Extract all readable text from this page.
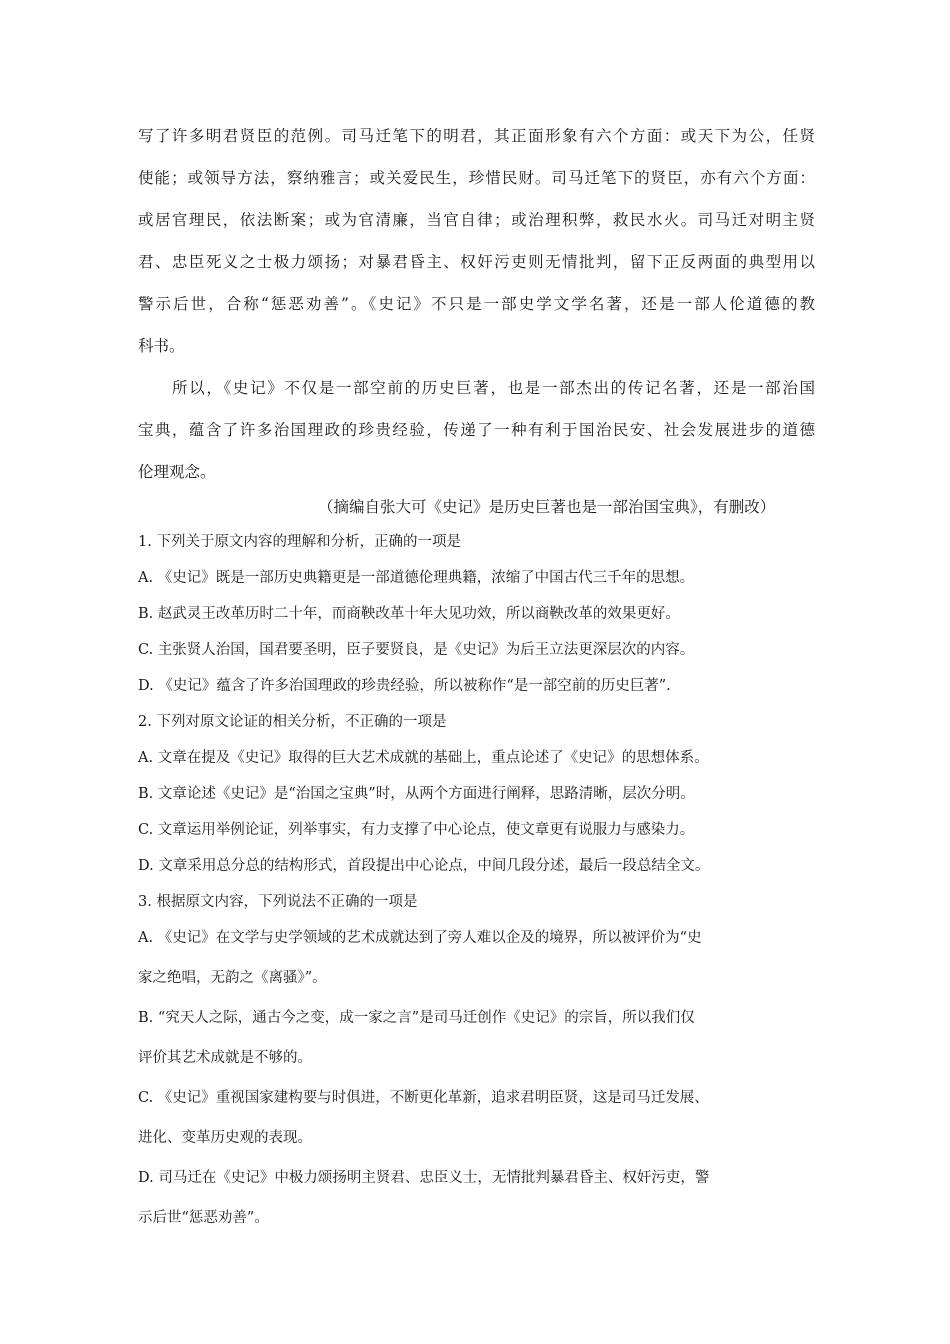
写了许多明君贤臣的范例。司马迁笔下的明君，其正面形象有六个方面：或天下为公，任贤
使能；或领导方法，察纳雅言；或关爱民生，珍惜民财。司马迁笔下的贤臣，亦有六个方面：
或居官理民，依法断案；或为官清廉，当官自律；或治理积弊，救民水火。司马迁对明主贤
君、忠臣死义之士极力颂扬；对暴君昏主、权奸污吏则无情批判，留下正反两面的典型用以
警示后世，合称“惩恶劝善”。《史记》不只是一部史学文学名著，还是一部人伦道德的教
科书。
所以，《史记》不仅是一部空前的历史巨著，也是一部杰出的传记名著，还是一部治国
宝典，蕴含了许多治国理政的珍贵经验，传递了一种有利于国治民安、社会发展进步的道德
伦理观念。
（摘编自张大可《史记》是历史巨著也是一部治国宝典》，有删改）
1. 下列关于原文内容的理解和分析，正确的一项是
A. 《史记》既是一部历史典籍更是一部道德伦理典籍，浓缩了中国古代三千年的思想。
B. 赵武灵王改革历时二十年，而商鞅改革十年大见功效，所以商鞅改革的效果更好。
C. 主张贤人治国，国君要圣明，臣子要贤良，是《史记》为后王立法更深层次的内容。
D. 《史记》蕴含了许多治国理政的珍贵经验，所以被称作“是一部空前的历史巨著”.
2. 下列对原文论证的相关分析，不正确的一项是
A. 文章在提及《史记》取得的巨大艺术成就的基础上，重点论述了《史记》的思想体系。
B. 文章论述《史记》是“治国之宝典”时，从两个方面进行阐释，思路清晰，层次分明。
C. 文章运用举例论证，列举事实，有力支撑了中心论点，使文章更有说服力与感染力。
D. 文章采用总分总的结构形式，首段提出中心论点，中间几段分述，最后一段总结全文。
3. 根据原文内容，下列说法不正确的一项是
A. 《史记》在文学与史学领域的艺术成就达到了旁人难以企及的境界，所以被评价为“史
家之绝唱，无韵之《离骚》”。
B. “究天人之际，通古今之变，成一家之言”是司马迁创作《史记》的宗旨，所以我们仅
评价其艺术成就是不够的。
C. 《史记》重视国家建构要与时俱进，不断更化革新，追求君明臣贤，这是司马迁发展、
进化、变革历史观的表现。
D. 司马迁在《史记》中极力颂扬明主贤君、忠臣义士，无情批判暴君昏主、权奸污吏，警
示后世“惩恶劝善”。
